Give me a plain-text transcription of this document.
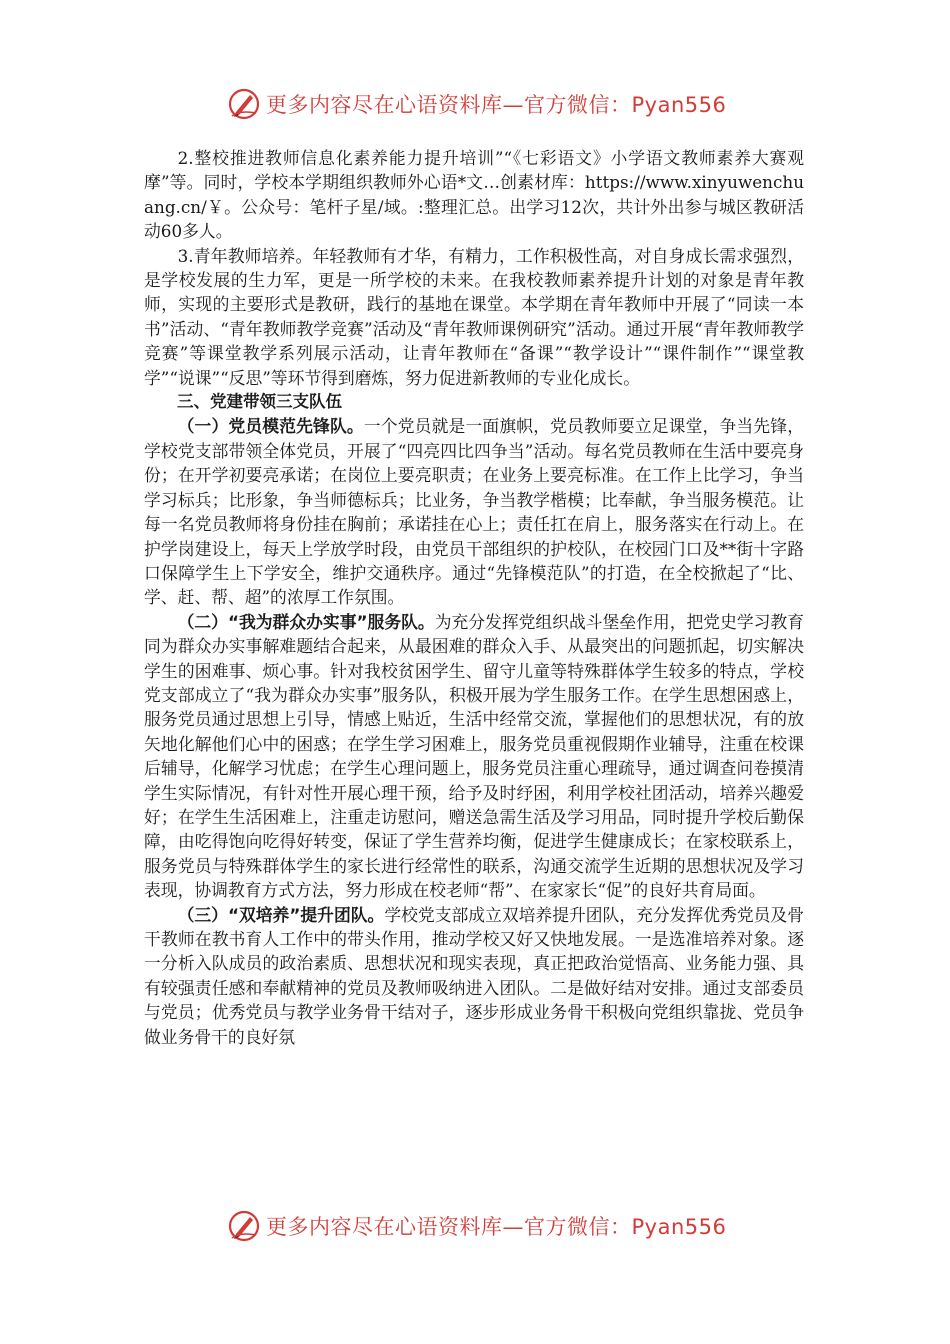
更多内容尽在心语资料库—官方微信：Pyan556

2.整校推进教师信息化素养能力提升培训”“《七彩语文》小学语文教师素养大赛观摩”等。同时，学校本学期组织教师外心语*文…创素材库：https://www.xinyuwenchuang.cn/￥。公众号：笔杆子星/域。:整理汇总。出学习12次，共计外出参与城区教研活动60多人。

3.青年教师培养。年轻教师有才华，有精力，工作积极性高，对自身成长需求强烈，是学校发展的生力军，更是一所学校的未来。在我校教师素养提升计划的对象是青年教师，实现的主要形式是教研，践行的基地在课堂。本学期在青年教师中开展了“同读一本书”活动、“青年教师教学竞赛”活动及“青年教师课例研究”活动。通过开展“青年教师教学竞赛”等课堂教学系列展示活动，让青年教师在“备课”“教学设计”“课件制作”“课堂教学”“说课”“反思”等环节得到磨炼，努力促进新教师的专业化成长。

三、党建带领三支队伍

（一）党员模范先锋队。一个党员就是一面旗帜，党员教师要立足课堂，争当先锋，学校党支部带领全体党员，开展了“四亮四比四争当”活动。每名党员教师在生活中要亮身份；在开学初要亮承诺；在岗位上要亮职责；在业务上要亮标准。在工作上比学习，争当学习标兵；比形象，争当师德标兵；比业务，争当教学楷模；比奉献，争当服务模范。让每一名党员教师将身份挂在胸前；承诺挂在心上；责任扛在肩上，服务落实在行动上。在护学岗建设上，每天上学放学时段，由党员干部组织的护校队，在校园门口及**街十字路口保障学生上下学安全，维护交通秩序。通过“先锋模范队”的打造，在全校掀起了“比、学、赶、帮、超”的浓厚工作氛围。

（二）“我为群众办实事”服务队。为充分发挥党组织战斗堡垒作用，把党史学习教育同为群众办实事解难题结合起来，从最困难的群众入手、从最突出的问题抓起，切实解决学生的困难事、烦心事。针对我校贫困学生、留守儿童等特殊群体学生较多的特点，学校党支部成立了“我为群众办实事”服务队，积极开展为学生服务工作。在学生思想困惑上，服务党员通过思想上引导，情感上贴近，生活中经常交流，掌握他们的思想状况，有的放矢地化解他们心中的困惑；在学生学习困难上，服务党员重视假期作业辅导，注重在校课后辅导，化解学习忧虑；在学生心理问题上，服务党员注重心理疏导，通过调查问卷摸清学生实际情况，有针对性开展心理干预，给予及时纾困，利用学校社团活动，培养兴趣爱好；在学生生活困难上，注重走访慰问，赠送急需生活及学习用品，同时提升学校后勤保障，由吃得饱向吃得好转变，保证了学生营养均衡，促进学生健康成长；在家校联系上，服务党员与特殊群体学生的家长进行经常性的联系，沟通交流学生近期的思想状况及学习表现，协调教育方式方法，努力形成在校老师“帮”、在家家长“促”的良好共育局面。

（三）“双培养”提升团队。学校党支部成立双培养提升团队，充分发挥优秀党员及骨干教师在教书育人工作中的带头作用，推动学校又好又快地发展。一是选准培养对象。逐一分析入队成员的政治素质、思想状况和现实表现，真正把政治觉悟高、业务能力强、具有较强责任感和奉献精神的党员及教师吸纳进入团队。二是做好结对安排。通过支部委员与党员；优秀党员与教学业务骨干结对子，逐步形成业务骨干积极向党组织靠拢、党员争做业务骨干的良好氛

更多内容尽在心语资料库—官方微信：Pyan556
